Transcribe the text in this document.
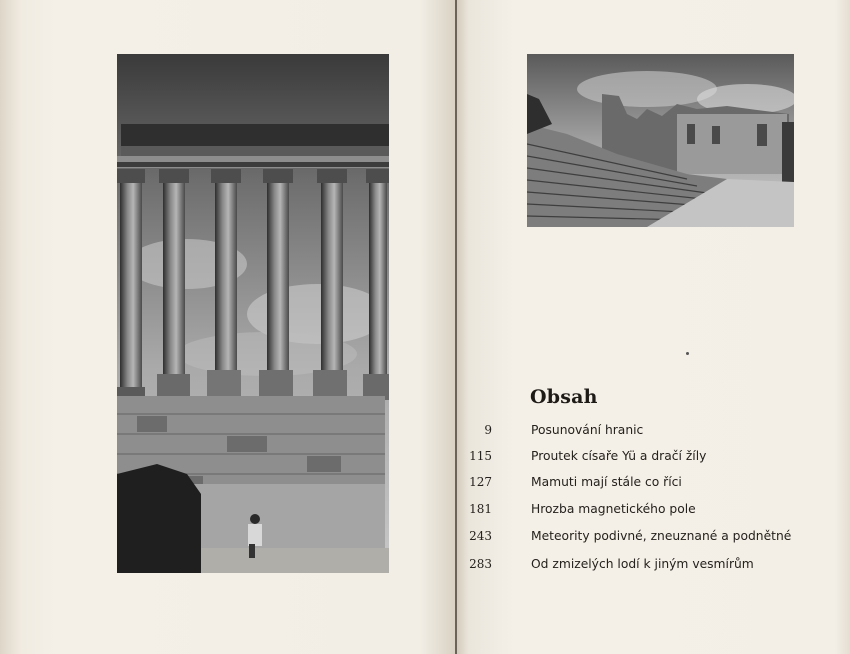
Obsah
9	Posunování hranic
115	Proutek císaře Yü a dračí žíly
127	Mamuti mají stále co říci
181	Hrozba magnetického pole
243	Meteority podivné, zneuznané a podnětné
283	Od zmizelých lodí k jiným vesmírům
